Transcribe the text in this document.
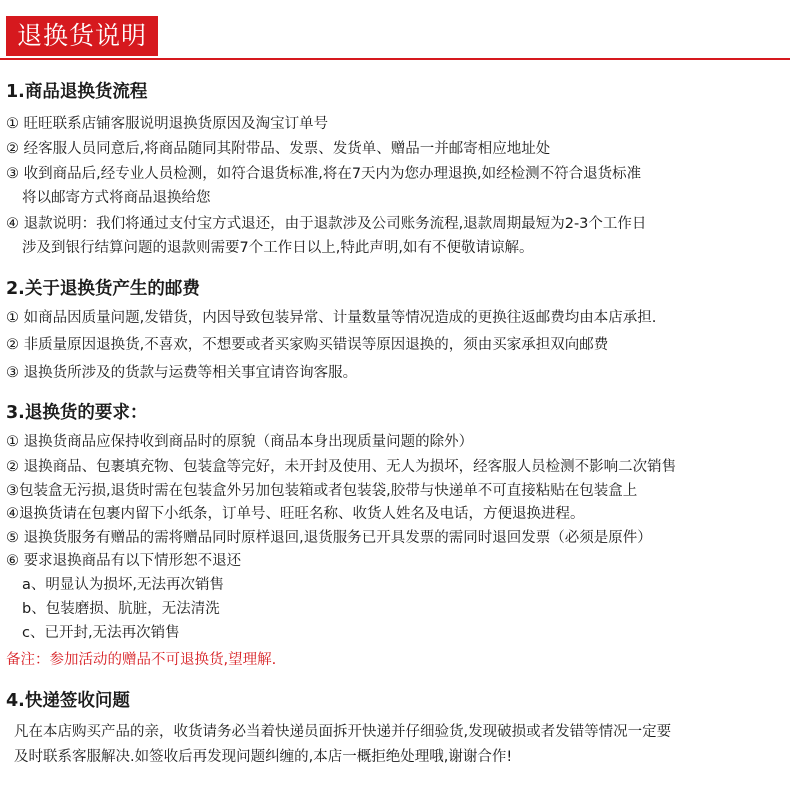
退换货说明
1.商品退换货流程
① 旺旺联系店铺客服说明退换货原因及淘宝订单号
② 经客服人员同意后,将商品随同其附带品、发票、发货单、赠品一并邮寄相应地址处
③ 收到商品后,经专业人员检测，如符合退货标准,将在7天内为您办理退换,如经检测不符合退货标准
将以邮寄方式将商品退换给您
④ 退款说明：我们将通过支付宝方式退还，由于退款涉及公司账务流程,退款周期最短为2-3个工作日
涉及到银行结算问题的退款则需要7个工作日以上,特此声明,如有不便敬请谅解。
2.关于退换货产生的邮费
① 如商品因质量问题,发错货，内因导致包装异常、计量数量等情况造成的更换往返邮费均由本店承担.
② 非质量原因退换货,不喜欢，不想要或者买家购买错误等原因退换的，须由买家承担双向邮费
③ 退换货所涉及的货款与运费等相关事宜请咨询客服。
3.退换货的要求：
① 退换货商品应保持收到商品时的原貌（商品本身出现质量问题的除外）
② 退换商品、包裹填充物、包装盒等完好，未开封及使用、无人为损坏，经客服人员检测不影响二次销售
③包装盒无污损,退货时需在包装盒外另加包装箱或者包装袋,胶带与快递单不可直接粘贴在包装盒上
④退换货请在包裹内留下小纸条，订单号、旺旺名称、收货人姓名及电话，方便退换进程。
⑤ 退换货服务有赠品的需将赠品同时原样退回,退货服务已开具发票的需同时退回发票（必须是原件）
⑥ 要求退换商品有以下情形恕不退还
a、明显认为损坏,无法再次销售
b、包装磨损、肮脏，无法清洗
c、已开封,无法再次销售
备注：参加活动的赠品不可退换货,望理解.
4.快递签收问题
凡在本店购买产品的亲，收货请务必当着快递员面拆开快递并仔细验货,发现破损或者发错等情况一定要
及时联系客服解决.如签收后再发现问题纠缠的,本店一概拒绝处理哦,谢谢合作!
